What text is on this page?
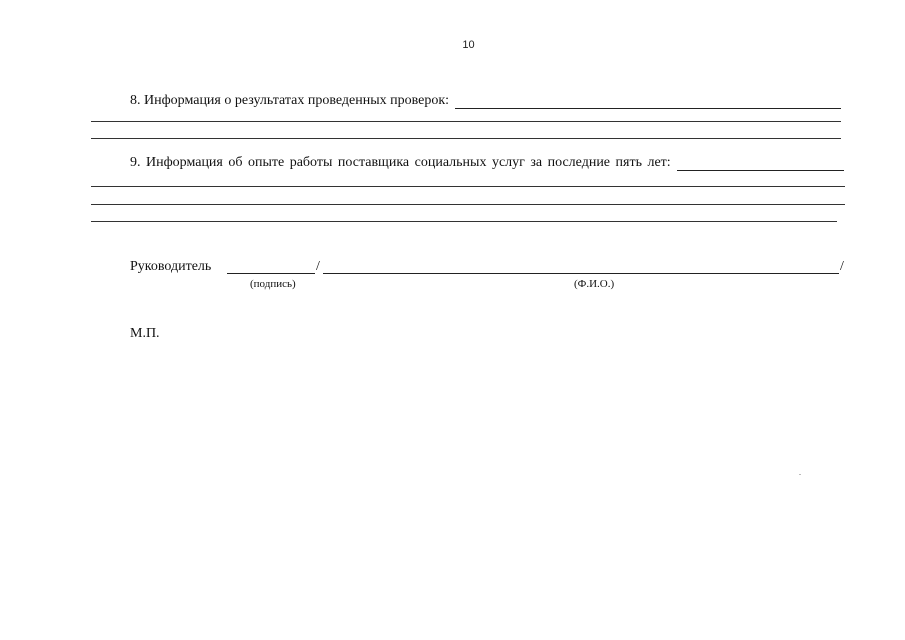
10
8. Информация о результатах проведенных проверок:
9. Информация об опыте работы поставщика социальных услуг за последние пять лет:
Руководитель	/	/
(подпись)	(Ф.И.О.)
М.П.
